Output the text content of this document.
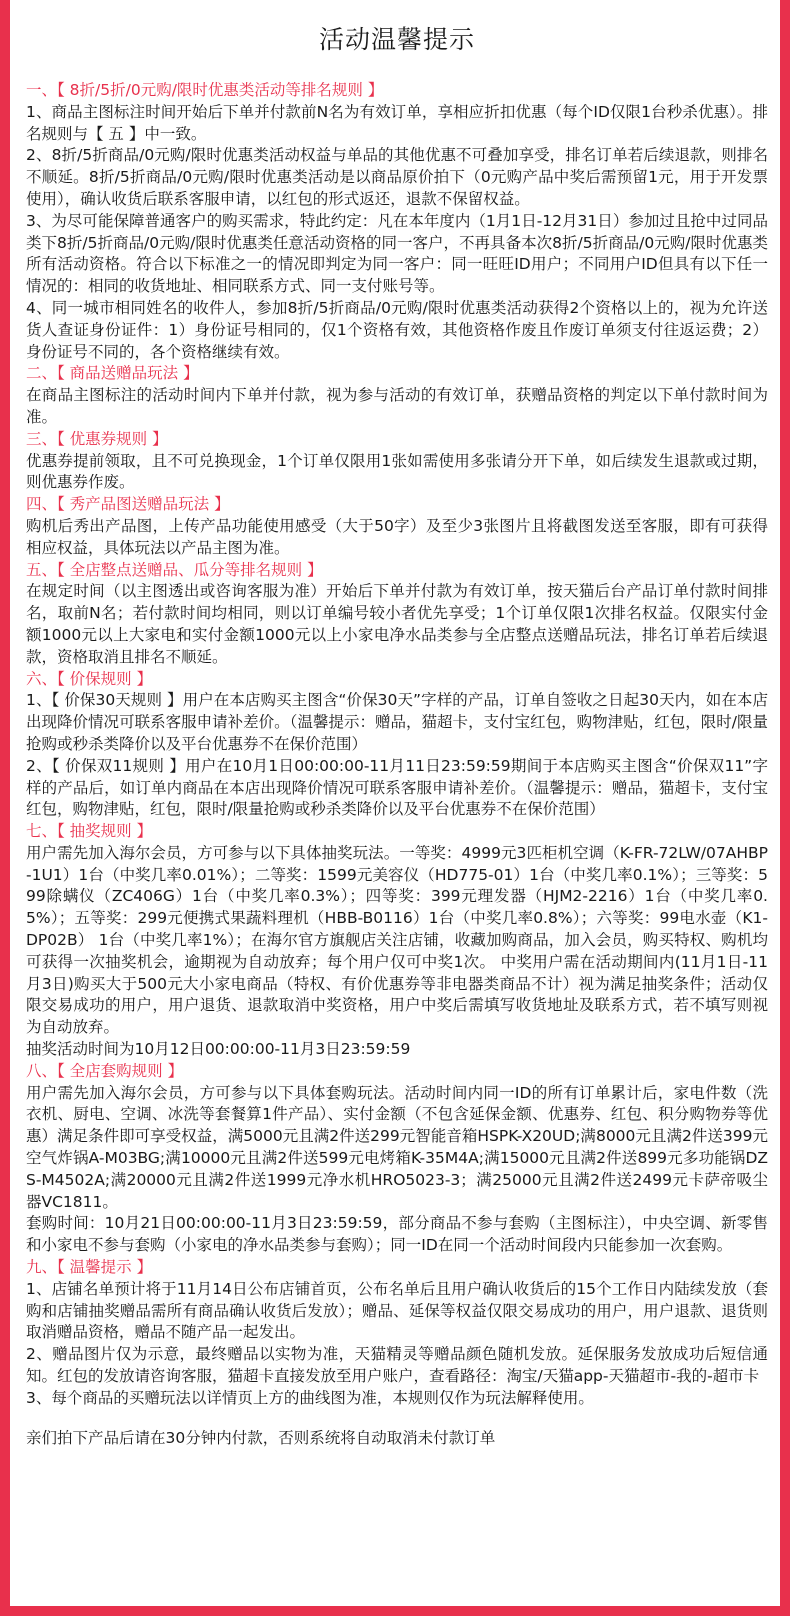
活动温馨提示
一、【 8折/5折/0元购/限时优惠类活动等排名规则 】

1、商品主图标注时间开始后下单并付款前N名为有效订单，享相应折扣优惠（每个ID仅限1台秒杀优惠）。排名规则与【 五 】中一致。

2、8折/5折商品/0元购/限时优惠类活动权益与单品的其他优惠不可叠加享受，排名订单若后续退款，则排名不顺延。8折/5折商品/0元购/限时优惠类活动是以商品原价拍下（0元购产品中奖后需预留1元，用于开发票使用），确认收货后联系客服申请，以红包的形式返还，退款不保留权益。

3、为尽可能保障普通客户的购买需求，特此约定：凡在本年度内（1月1日-12月31日）参加过且抢中过同品类下8折/5折商品/0元购/限时优惠类任意活动资格的同一客户，不再具备本次8折/5折商品/0元购/限时优惠类所有活动资格。符合以下标准之一的情况即判定为同一客户：同一旺旺ID用户；不同用户ID但具有以下任一情况的：相同的收货地址、相同联系方式、同一支付账号等。

4、同一城市相同姓名的收件人，参加8折/5折商品/0元购/限时优惠类活动获得2个资格以上的，视为允许送货人查证身份证件：1）身份证号相同的，仅1个资格有效，其他资格作废且作废订单须支付往返运费；2）身份证号不同的，各个资格继续有效。

二、【 商品送赠品玩法 】

在商品主图标注的活动时间内下单并付款，视为参与活动的有效订单，获赠品资格的判定以下单付款时间为准。

三、【 优惠券规则 】

优惠券提前领取，且不可兑换现金，1个订单仅限用1张如需使用多张请分开下单，如后续发生退款或过期，则优惠券作废。

四、【 秀产品图送赠品玩法 】

购机后秀出产品图，上传产品功能使用感受（大于50字）及至少3张图片且将截图发送至客服，即有可获得相应权益，具体玩法以产品主图为准。

五、【 全店整点送赠品、瓜分等排名规则 】

在规定时间（以主图透出或咨询客服为准）开始后下单并付款为有效订单，按天猫后台产品订单付款时间排名，取前N名；若付款时间均相同，则以订单编号较小者优先享受；1个订单仅限1次排名权益。仅限实付金额1000元以上大家电和实付金额1000元以上小家电净水品类参与全店整点送赠品玩法，排名订单若后续退款，资格取消且排名不顺延。

六、【 价保规则 】

1、【 价保30天规则 】用户在本店购买主图含“价保30天”字样的产品，订单自签收之日起30天内，如在本店出现降价情况可联系客服申请补差价。（温馨提示：赠品，猫超卡，支付宝红包，购物津贴，红包，限时/限量抢购或秒杀类降价以及平台优惠券不在保价范围）

2、【 价保双11规则 】用户在10月1日00:00:00-11月11日23:59:59期间于本店购买主图含“价保双11”字样的产品后，如订单内商品在本店出现降价情况可联系客服申请补差价。（温馨提示：赠品，猫超卡，支付宝红包，购物津贴，红包，限时/限量抢购或秒杀类降价以及平台优惠券不在保价范围）

七、【 抽奖规则 】

用户需先加入海尔会员，方可参与以下具体抽奖玩法。一等奖：4999元3匹柜机空调（K-FR-72LW/07AHBP-1U1）1台（中奖几率0.01%）；二等奖：1599元美容仪（HD775-01）1台（中奖几率0.1%）；三等奖：599除螨仪（ZC406G）1台（中奖几率0.3%）；四等奖：399元理发器（HJM2-2216）1台（中奖几率0.5%）；五等奖：299元便携式果蔬料理机（HBB-B0116）1台（中奖几率0.8%）；六等奖：99电水壶（K1-DP02B） 1台（中奖几率1%）；在海尔官方旗舰店关注店铺，收藏加购商品，加入会员，购买特权、购机均可获得一次抽奖机会，逾期视为自动放弃；每个用户仅可中奖1次。 中奖用户需在活动期间内(11月1日-11月3日)购买大于500元大小家电商品（特权、有价优惠券等非电器类商品不计）视为满足抽奖条件；活动仅限交易成功的用户，用户退货、退款取消中奖资格，用户中奖后需填写收货地址及联系方式，若不填写则视为自动放弃。

抽奖活动时间为10月12日00:00:00-11月3日23:59:59

八、【 全店套购规则 】

用户需先加入海尔会员，方可参与以下具体套购玩法。活动时间内同一ID的所有订单累计后，家电件数（洗衣机、厨电、空调、冰洗等套餐算1件产品）、实付金额（不包含延保金额、优惠券、红包、积分购物券等优惠）满足条件即可享受权益，满5000元且满2件送299元智能音箱HSPK-X20UD;满8000元且满2件送399元空气炸锅A-M03BG;满10000元且满2件送599元电烤箱K-35M4A;满15000元且满2件送899元多功能锅DZS-M4502A;满20000元且满2件送1999元净水机HRO5023-3；满25000元且满2件送2499元卡萨帝吸尘器VC1811。

套购时间：10月21日00:00:00-11月3日23:59:59，部分商品不参与套购（主图标注），中央空调、新零售和小家电不参与套购（小家电的净水品类参与套购）；同一ID在同一个活动时间段内只能参加一次套购。

九、【 温馨提示 】

1、店铺名单预计将于11月14日公布店铺首页，公布名单后且用户确认收货后的15个工作日内陆续发放（套购和店铺抽奖赠品需所有商品确认收货后发放）；赠品、延保等权益仅限交易成功的用户，用户退款、退货则取消赠品资格，赠品不随产品一起发出。

2、赠品图片仅为示意，最终赠品以实物为准，天猫精灵等赠品颜色随机发放。延保服务发放成功后短信通知。红包的发放请咨询客服，猫超卡直接发放至用户账户，查看路径：淘宝/天猫app-天猫超市-我的-超市卡

3、每个商品的买赠玩法以详情页上方的曲线图为准，本规则仅作为玩法解释使用。

亲们拍下产品后请在30分钟内付款，否则系统将自动取消未付款订单
